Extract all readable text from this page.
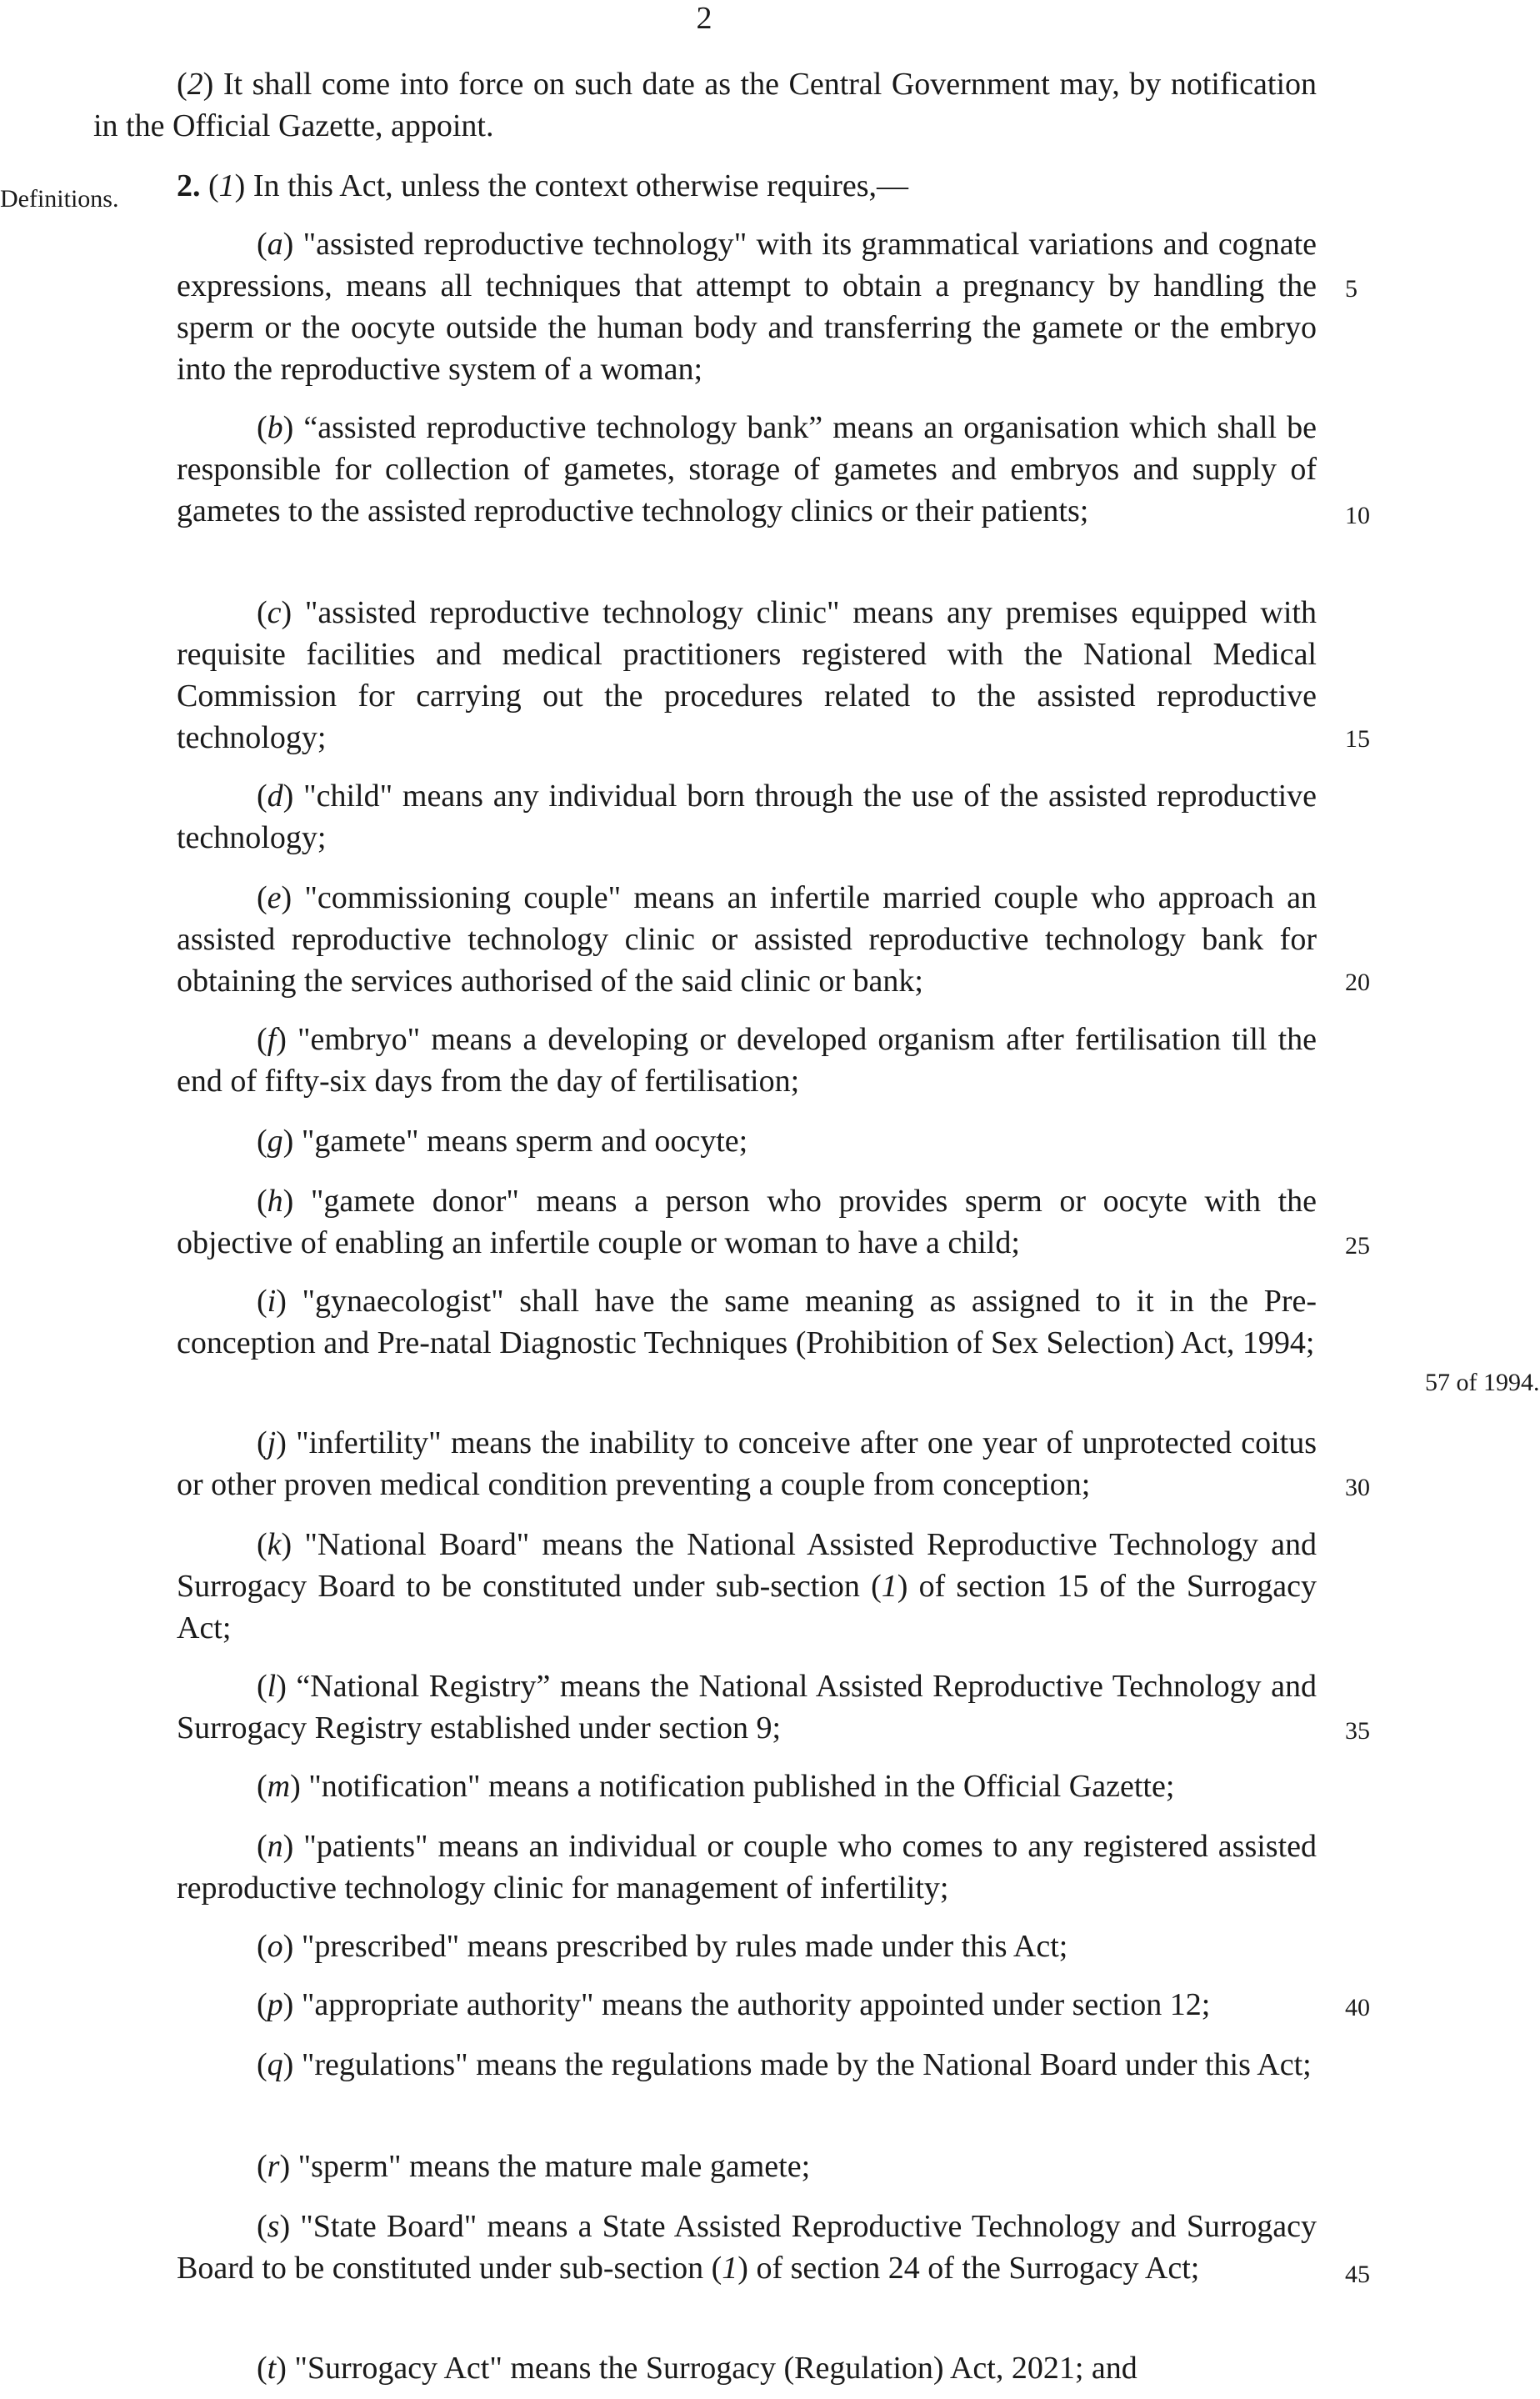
2
(2) It shall come into force on such date as the Central Government may, by notification in the Official Gazette, appoint.
Definitions. 2. (1) In this Act, unless the context otherwise requires,—
(a) "assisted reproductive technology" with its grammatical variations and cognate expressions, means all techniques that attempt to obtain a pregnancy by handling the sperm or the oocyte outside the human body and transferring the gamete or the embryo into the reproductive system of a woman;
(b) “assisted reproductive technology bank” means an organisation which shall be responsible for collection of gametes, storage of gametes and embryos and supply of gametes to the assisted reproductive technology clinics or their patients;
(c) "assisted reproductive technology clinic" means any premises equipped with requisite facilities and medical practitioners registered with the National Medical Commission for carrying out the procedures related to the assisted reproductive technology;
(d) "child" means any individual born through the use of the assisted reproductive technology;
(e) "commissioning couple" means an infertile married couple who approach an assisted reproductive technology clinic or assisted reproductive technology bank for obtaining the services authorised of the said clinic or bank;
(f) "embryo" means a developing or developed organism after fertilisation till the end of fifty-six days from the day of fertilisation;
(g) "gamete" means sperm and oocyte;
(h) "gamete donor" means a person who provides sperm or oocyte with the objective of enabling an infertile couple or woman to have a child;
(i) "gynaecologist" shall have the same meaning as assigned to it in the Pre-conception and Pre-natal Diagnostic Techniques (Prohibition of Sex Selection) Act, 1994;
(j) "infertility" means the inability to conceive after one year of unprotected coitus or other proven medical condition preventing a couple from conception;
(k) "National Board" means the National Assisted Reproductive Technology and Surrogacy Board to be constituted under sub-section (1) of section 15 of the Surrogacy Act;
(l) “National Registry” means the National Assisted Reproductive Technology and Surrogacy Registry established under section 9;
(m) "notification" means a notification published in the Official Gazette;
(n) "patients" means an individual or couple who comes to any registered assisted reproductive technology clinic for management of infertility;
(o) "prescribed" means prescribed by rules made under this Act;
(p) "appropriate authority" means the authority appointed under section 12;
(q) "regulations" means the regulations made by the National Board under this Act;
(r) "sperm" means the mature male gamete;
(s) "State Board" means a State Assisted Reproductive Technology and Surrogacy Board to be constituted under sub-section (1) of section 24 of the Surrogacy Act;
(t) "Surrogacy Act" means the Surrogacy (Regulation) Act, 2021; and
5
10
15
20
25
30
35
40
45
57 of 1994.
